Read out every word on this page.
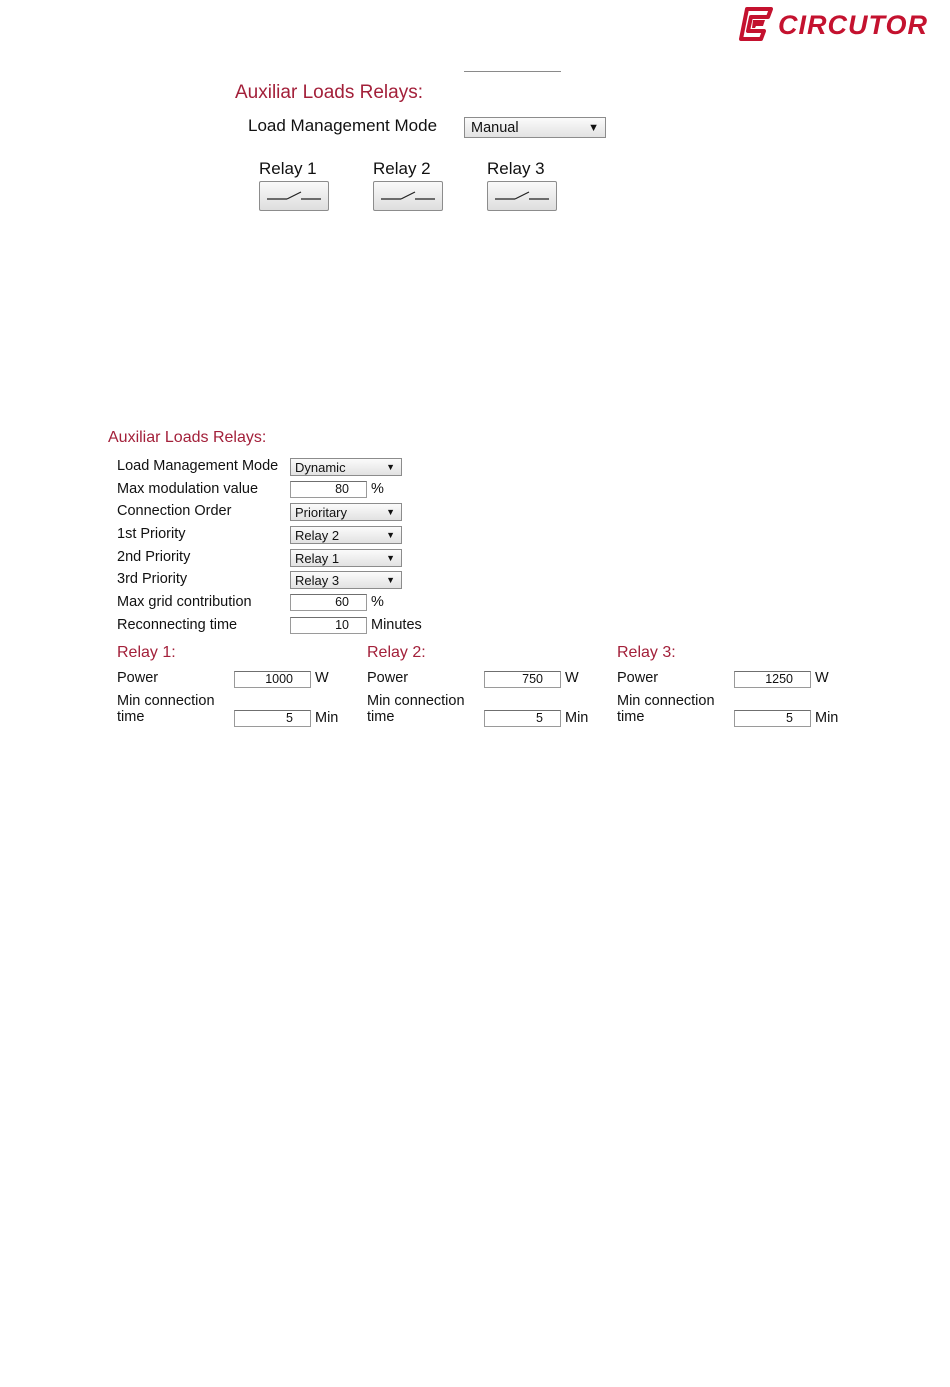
CIRCUTOR
Auxiliar Loads Relays:
Load Management Mode Manual	▼
Relay 1	Relay 2	Relay 3
Auxiliar Loads Relays:
Load Management Mode Dynamic	▼
Max modulation value	80	%
Connection Order	Prioritary	▼
1st Priority	Relay 2	▼
2nd Priority	Relay 1	▼
3rd Priority	Relay 3	▼
Max grid contribution	60	%
Reconnecting time	10	Minutes
Relay 1:
Power	1000	W
Min connection
time	5	Min
Relay 2:
Power	750	W
Min connection
time	5	Min
Relay 3:
Power	1250	W
Min connection
time	5	Min
